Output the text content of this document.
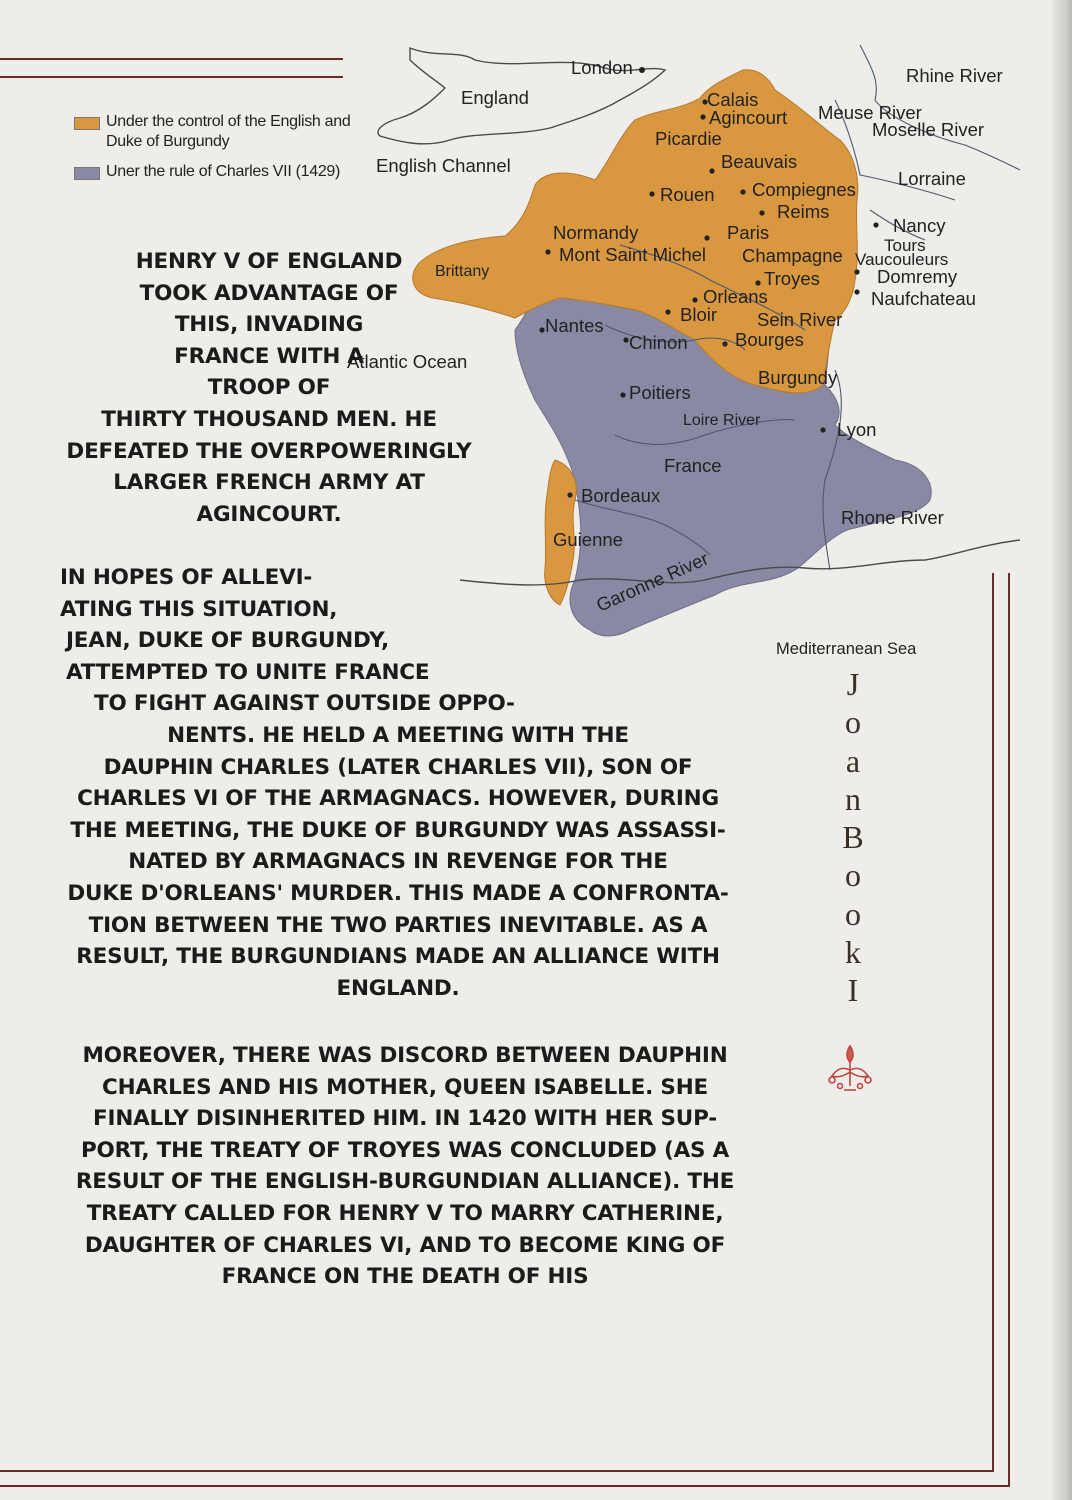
Under the control of the English and Duke of Burgundy
Uner the rule of Charles VII (1429)
London
England
English Channel
Calais
Agincourt
Picardie
Beauvais
Rouen Compiegnes
Reims
Normandy	Paris
Mont Saint Michel Champagne
Brittany	Troyes
Orleans
Bloir
Nantes
Chinon
Sein River
Bourges
Atlantic Ocean
Burgundy
Poitiers
Loire River	Lyon
France
Bordeaux
Rhone River
Guienne
Garonne River
Mediterranean Sea
Rhine River
Meuse River
Moselle River
Lorraine
Nancy
Tours
Vaucouleurs
Domremy
Naufchateau
HENRY V OF ENGLAND
TOOK ADVANTAGE OF
THIS, INVADING
FRANCE WITH A
TROOP OF
THIRTY THOUSAND MEN. HE
DEFEATED THE OVERPOWERINGLY
LARGER FRENCH ARMY AT
AGINCOURT.
IN HOPES OF ALLEVI-
ATING THIS SITUATION,
JEAN, DUKE OF BURGUNDY,
ATTEMPTED TO UNITE FRANCE
TO FIGHT AGAINST OUTSIDE OPPO-
NENTS. HE HELD A MEETING WITH THE
DAUPHIN CHARLES (LATER CHARLES VII), SON OF
CHARLES VI OF THE ARMAGNACS. HOWEVER, DURING
THE MEETING, THE DUKE OF BURGUNDY WAS ASSASSI-
NATED BY ARMAGNACS IN REVENGE FOR THE
DUKE D'ORLEANS' MURDER. THIS MADE A CONFRONTA-
TION BETWEEN THE TWO PARTIES INEVITABLE. AS A
RESULT, THE BURGUNDIANS MADE AN ALLIANCE WITH
ENGLAND.
MOREOVER, THERE WAS DISCORD BETWEEN DAUPHIN
CHARLES AND HIS MOTHER, QUEEN ISABELLE. SHE
FINALLY DISINHERITED HIM. IN 1420 WITH HER SUP-
PORT, THE TREATY OF TROYES WAS CONCLUDED (AS A
RESULT OF THE ENGLISH-BURGUNDIAN ALLIANCE). THE
TREATY CALLED FOR HENRY V TO MARRY CATHERINE,
DAUGHTER OF CHARLES VI, AND TO BECOME KING OF
FRANCE ON THE DEATH OF HIS
J
o
a
n
B
o
o
k
I
